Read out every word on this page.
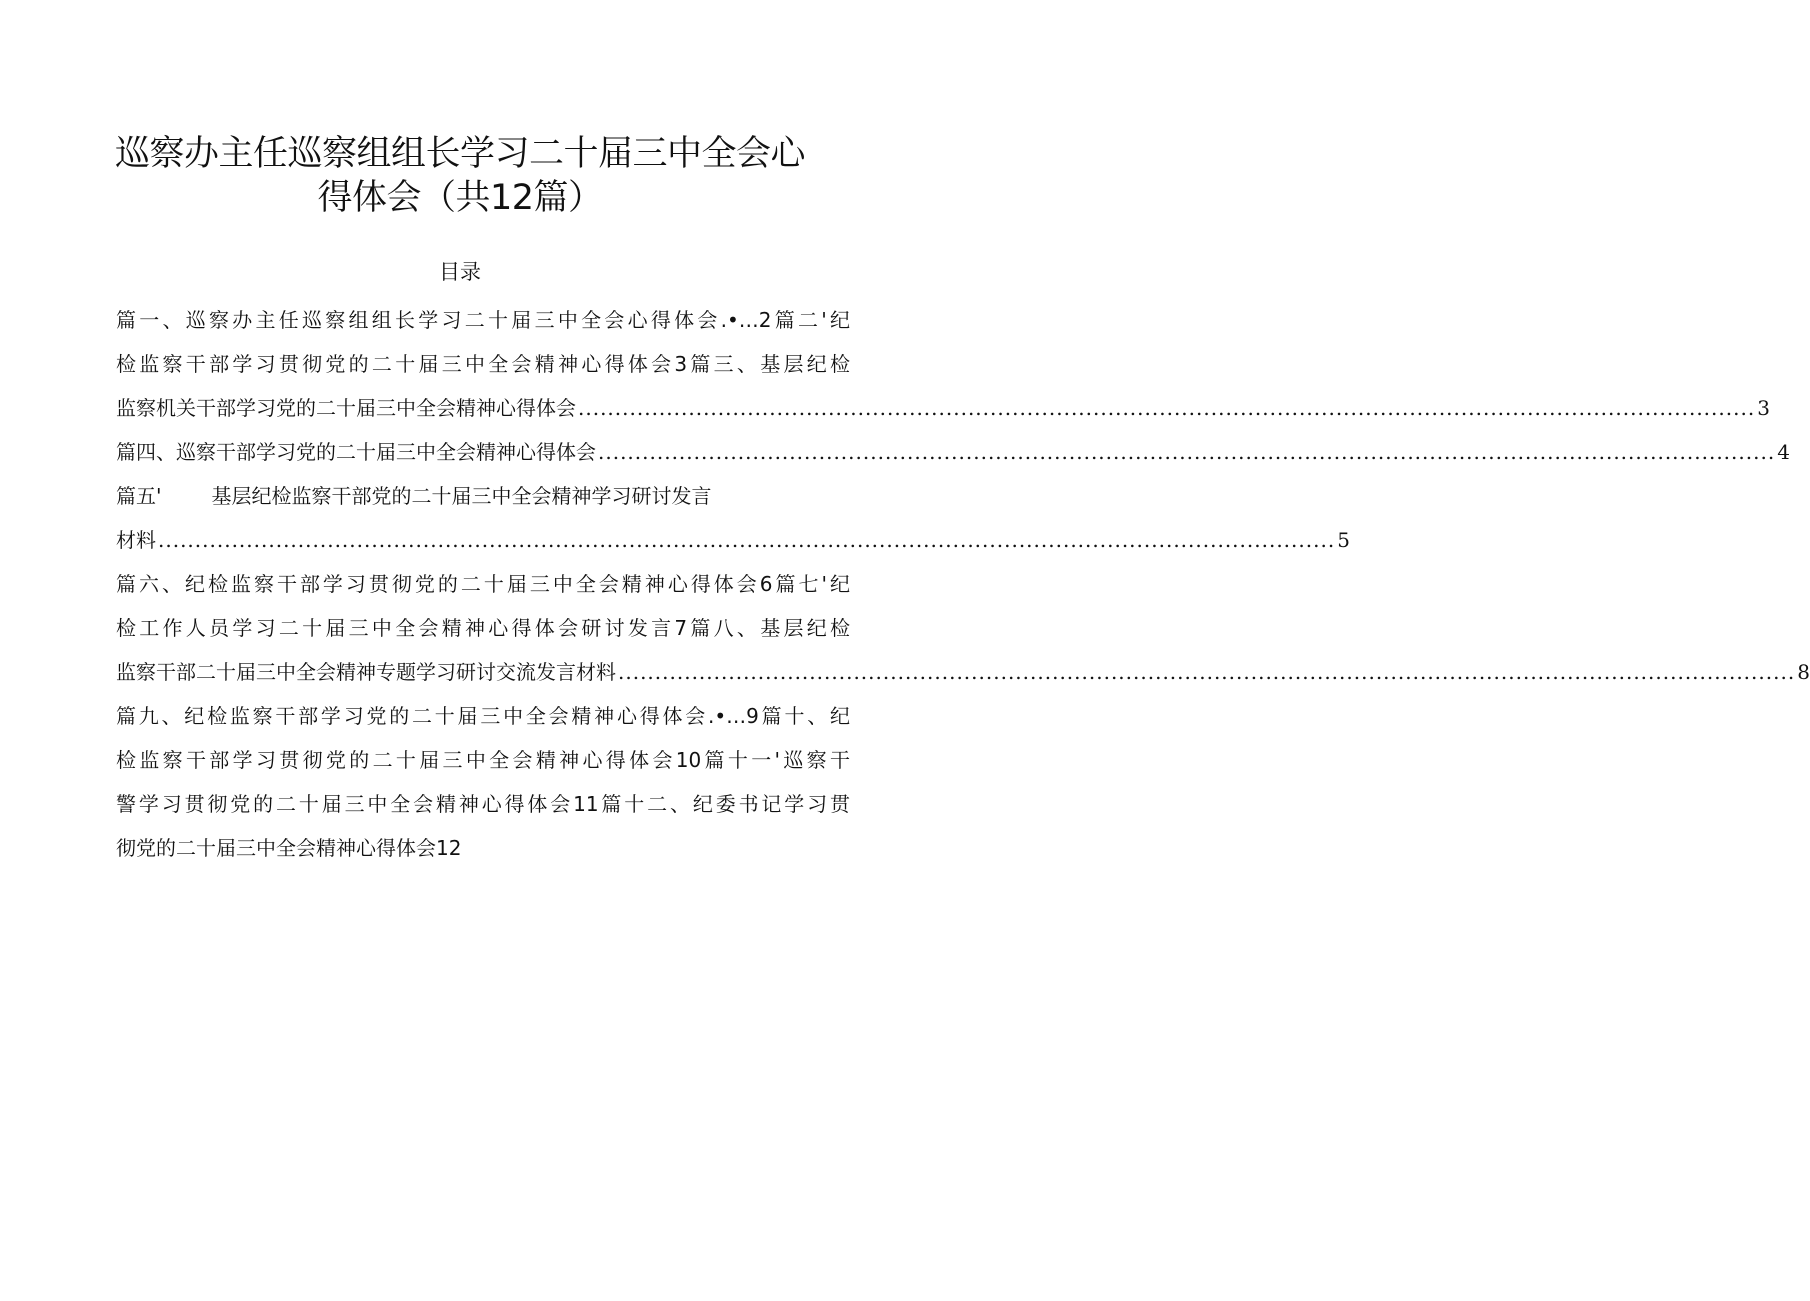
巡察办主任巡察组组长学习二十届三中全会心
得体会（共12篇）
目录
篇一、巡察办主任巡察组组长学习二十届三中全会心得体会.•…2篇二'纪
检监察干部学习贯彻党的二十届三中全会精神心得体会3篇三、基层纪检
监察机关干部学习党的二十届三中全会精神心得体会 ................................................................................................................................................................ 3
篇四、巡察干部学习党的二十届三中全会精神心得体会 ................................................................................................................................................................ 4
篇五'	基层纪检监察干部党的二十届三中全会精神学习研讨发言
材料 ................................................................................................................................................................ 5
篇六、纪检监察干部学习贯彻党的二十届三中全会精神心得体会6篇七'纪
检工作人员学习二十届三中全会精神心得体会研讨发言7篇八、基层纪检
监察干部二十届三中全会精神专题学习研讨交流发言材料 ................................................................................................................................................................ 8
篇九、纪检监察干部学习党的二十届三中全会精神心得体会.•…9篇十、纪
检监察干部学习贯彻党的二十届三中全会精神心得体会10篇十一'巡察干
警学习贯彻党的二十届三中全会精神心得体会11篇十二、纪委书记学习贯
彻党的二十届三中全会精神心得体会12
